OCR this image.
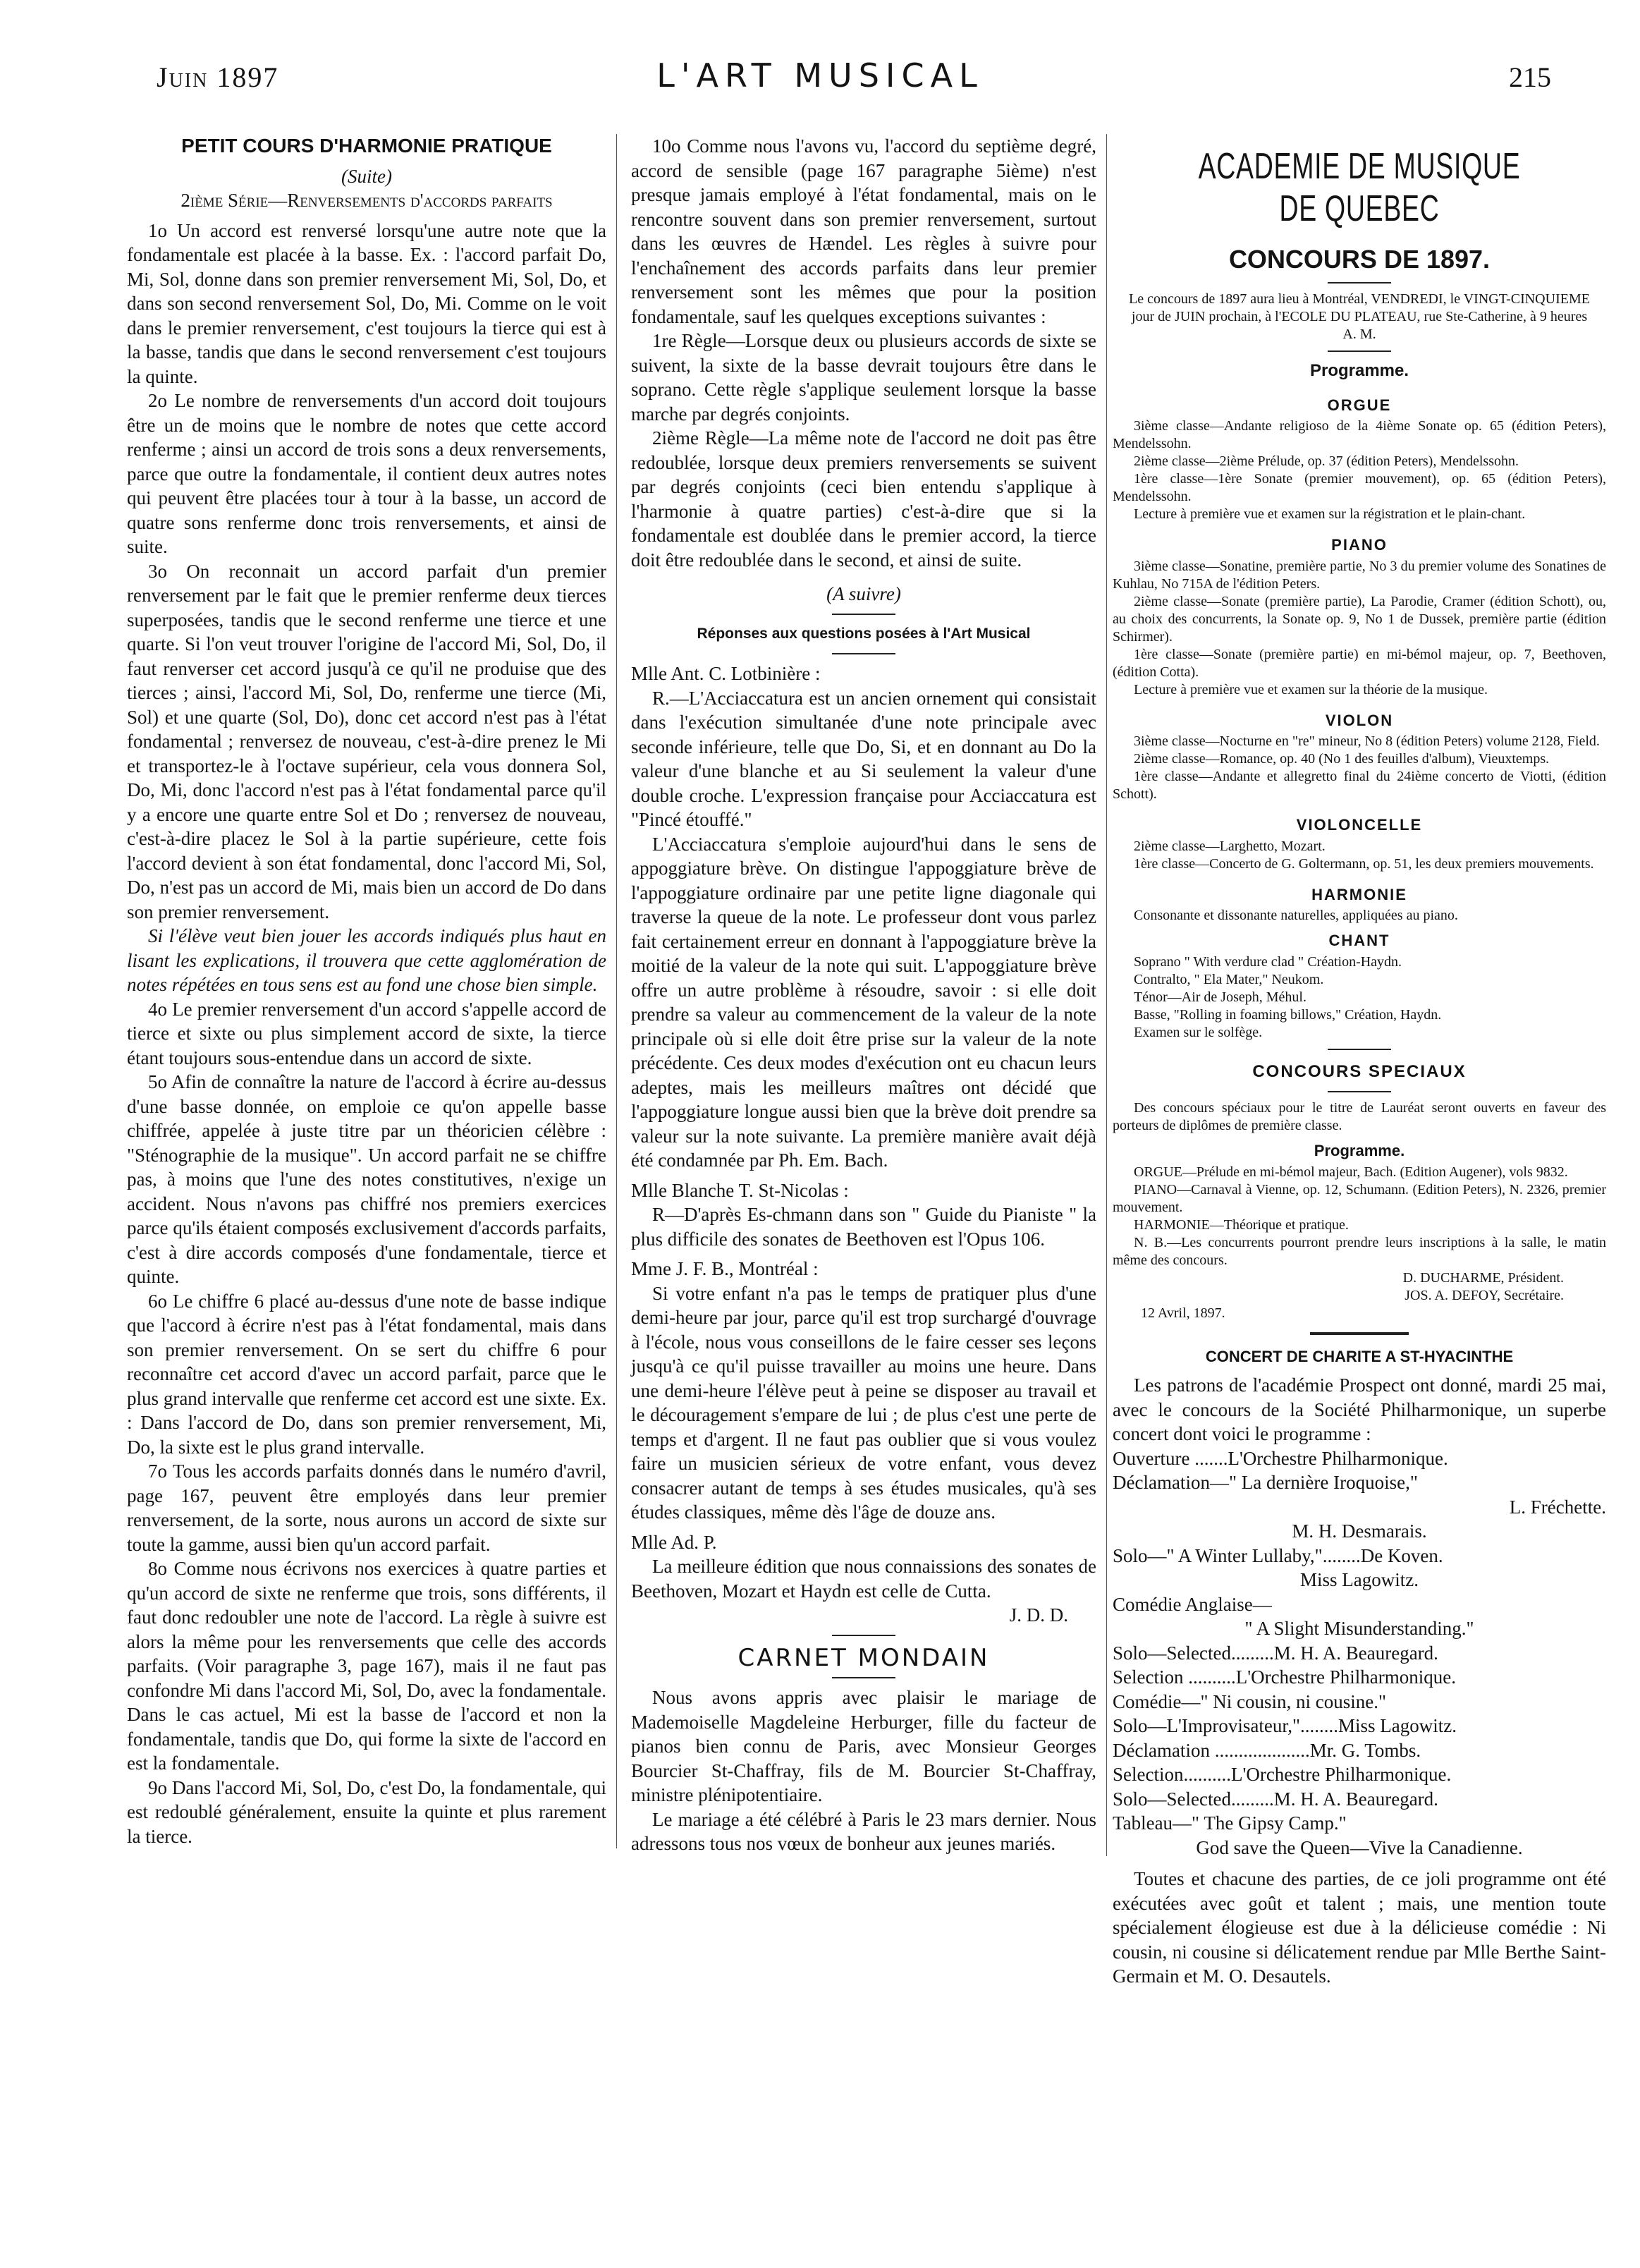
Juin 1897	L'ART MUSICAL	215

PETIT COURS D'HARMONIE PRATIQUE

(Suite)

2ième Série—Renversements d'accords parfaits

1o Un accord est renversé lorsqu'une autre note que la fondamentale est placée à la basse. Ex. : l'accord parfait Do, Mi, Sol, donne dans son premier renversement Mi, Sol, Do, et dans son second renversement Sol, Do, Mi. Comme on le voit dans le premier renversement, c'est toujours la tierce qui est à la basse, tandis que dans le second renversement c'est toujours la quinte.

2o Le nombre de renversements d'un accord doit toujours être un de moins que le nombre de notes que cette accord renferme ; ainsi un accord de trois sons a deux renversements, parce que outre la fondamentale, il contient deux autres notes qui peuvent être placées tour à tour à la basse, un accord de quatre sons renferme donc trois renversements, et ainsi de suite.

3o On reconnait un accord parfait d'un premier renversement par le fait que le premier renferme deux tierces superposées, tandis que le second renferme une tierce et une quarte. Si l'on veut trouver l'origine de l'accord Mi, Sol, Do, il faut renverser cet accord jusqu'à ce qu'il ne produise que des tierces ; ainsi, l'accord Mi, Sol, Do, renferme une tierce (Mi, Sol) et une quarte (Sol, Do), donc cet accord n'est pas à l'état fondamental ; renversez de nouveau, c'est-à-dire prenez le Mi et transportez-le à l'octave supérieur, cela vous donnera Sol, Do, Mi, donc l'accord n'est pas à l'état fondamental parce qu'il y a encore une quarte entre Sol et Do ; renversez de nouveau, c'est-à-dire placez le Sol à la partie supérieure, cette fois l'accord devient à son état fondamental, donc l'accord Mi, Sol, Do, n'est pas un accord de Mi, mais bien un accord de Do dans son premier renversement.

Si l'élève veut bien jouer les accords indiqués plus haut en lisant les explications, il trouvera que cette agglomération de notes répétées en tous sens est au fond une chose bien simple.

4o Le premier renversement d'un accord s'appelle accord de tierce et sixte ou plus simplement accord de sixte, la tierce étant toujours sous-entendue dans un accord de sixte.

5o Afin de connaître la nature de l'accord à écrire au-dessus d'une basse donnée, on emploie ce qu'on appelle basse chiffrée, appelée à juste titre par un théoricien célèbre : "Sténographie de la musique". Un accord parfait ne se chiffre pas, à moins que l'une des notes constitutives, n'exige un accident. Nous n'avons pas chiffré nos premiers exercices parce qu'ils étaient composés exclusivement d'accords parfaits, c'est à dire accords composés d'une fondamentale, tierce et quinte.

6o Le chiffre 6 placé au-dessus d'une note de basse indique que l'accord à écrire n'est pas à l'état fondamental, mais dans son premier renversement. On se sert du chiffre 6 pour reconnaître cet accord d'avec un accord parfait, parce que le plus grand intervalle que renferme cet accord est une sixte. Ex. : Dans l'accord de Do, dans son premier renversement, Mi, Do, la sixte est le plus grand intervalle.

7o Tous les accords parfaits donnés dans le numéro d'avril, page 167, peuvent être employés dans leur premier renversement, de la sorte, nous aurons un accord de sixte sur toute la gamme, aussi bien qu'un accord parfait.

8o Comme nous écrivons nos exercices à quatre parties et qu'un accord de sixte ne renferme que trois, sons différents, il faut donc redoubler une note de l'accord. La règle à suivre est alors la même pour les renversements que celle des accords parfaits. (Voir paragraphe 3, page 167), mais il ne faut pas confondre Mi dans l'accord Mi, Sol, Do, avec la fondamentale. Dans le cas actuel, Mi est la basse de l'accord et non la fondamentale, tandis que Do, qui forme la sixte de l'accord en est la fondamentale.

9o Dans l'accord Mi, Sol, Do, c'est Do, la fondamentale, qui est redoublé généralement, ensuite la quinte et plus rarement la tierce.

10o Comme nous l'avons vu, l'accord du septième degré, accord de sensible (page 167 paragraphe 5ième) n'est presque jamais employé à l'état fondamental, mais on le rencontre souvent dans son premier renversement, surtout dans les œuvres de Hændel. Les règles à suivre pour l'enchaînement des accords parfaits dans leur premier renversement sont les mêmes que pour la position fondamentale, sauf les quelques exceptions suivantes :

1re Règle—Lorsque deux ou plusieurs accords de sixte se suivent, la sixte de la basse devrait toujours être dans le soprano. Cette règle s'applique seulement lorsque la basse marche par degrés conjoints.

2ième Règle—La même note de l'accord ne doit pas être redoublée, lorsque deux premiers renversements se suivent par degrés conjoints (ceci bien entendu s'applique à l'harmonie à quatre parties) c'est-à-dire que si la fondamentale est doublée dans le premier accord, la tierce doit être redoublée dans le second, et ainsi de suite.

(A suivre)

Réponses aux questions posées à l'Art Musical

Mlle Ant. C. Lotbinière :

R.—L'Acciaccatura est un ancien ornement qui consistait dans l'exécution simultanée d'une note principale avec seconde inférieure, telle que Do, Si, et en donnant au Do la valeur d'une blanche et au Si seulement la valeur d'une double croche. L'expression française pour Acciaccatura est "Pincé étouffé."

L'Acciaccatura s'emploie aujourd'hui dans le sens de appoggiature brève. On distingue l'appoggiature brève de l'appoggiature ordinaire par une petite ligne diagonale qui traverse la queue de la note. Le professeur dont vous parlez fait certainement erreur en donnant à l'appoggiature brève la moitié de la valeur de la note qui suit. L'appoggiature brève offre un autre problème à résoudre, savoir : si elle doit prendre sa valeur au commencement de la valeur de la note principale où si elle doit être prise sur la valeur de la note précédente. Ces deux modes d'exécution ont eu chacun leurs adeptes, mais les meilleurs maîtres ont décidé que l'appoggiature longue aussi bien que la brève doit prendre sa valeur sur la note suivante. La première manière avait déjà été condamnée par Ph. Em. Bach.

Mlle Blanche T. St-Nicolas :

R—D'après Es-chmann dans son " Guide du Pianiste " la plus difficile des sonates de Beethoven est l'Opus 106.

Mme J. F. B., Montréal :

Si votre enfant n'a pas le temps de pratiquer plus d'une demi-heure par jour, parce qu'il est trop surchargé d'ouvrage à l'école, nous vous conseillons de le faire cesser ses leçons jusqu'à ce qu'il puisse travailler au moins une heure. Dans une demi-heure l'élève peut à peine se disposer au travail et le découragement s'empare de lui ; de plus c'est une perte de temps et d'argent. Il ne faut pas oublier que si vous voulez faire un musicien sérieux de votre enfant, vous devez consacrer autant de temps à ses études musicales, qu'à ses études classiques, même dès l'âge de douze ans.

Mlle Ad. P.

La meilleure édition que nous connaissions des sonates de Beethoven, Mozart et Haydn est celle de Cutta.

J. D. D.

CARNET MONDAIN

Nous avons appris avec plaisir le mariage de Mademoiselle Magdeleine Herburger, fille du facteur de pianos bien connu de Paris, avec Monsieur Georges Bourcier St-Chaffray, fils de M. Bourcier St-Chaffray, ministre plénipotentiaire.

Le mariage a été célébré à Paris le 23 mars dernier. Nous adressons tous nos vœux de bonheur aux jeunes mariés.

ACADEMIE DE MUSIQUE DE QUEBEC

CONCOURS DE 1897.

Le concours de 1897 aura lieu à Montréal, VENDREDI, le VINGT-CINQUIEME jour de JUIN prochain, à l'ECOLE DU PLATEAU, rue Ste-Catherine, à 9 heures A. M.

Programme.

ORGUE

3ième classe—Andante religioso de la 4ième Sonate op. 65 (édition Peters), Mendelssohn.

2ième classe—2ième Prélude, op. 37 (édition Peters), Mendelssohn.

1ère classe—1ère Sonate (premier mouvement), op. 65 (édition Peters), Mendelssohn.

Lecture à première vue et examen sur la régistration et le plain-chant.

PIANO

3ième classe—Sonatine, première partie, No 3 du premier volume des Sonatines de Kuhlau, No 715A de l'édition Peters.

2ième classe—Sonate (première partie), La Parodie, Cramer (édition Schott), ou, au choix des concurrents, la Sonate op. 9, No 1 de Dussek, première partie (édition Schirmer).

1ère classe—Sonate (première partie) en mi-bémol majeur, op. 7, Beethoven, (édition Cotta).

Lecture à première vue et examen sur la théorie de la musique.

VIOLON

3ième classe—Nocturne en "re" mineur, No 8 (édition Peters) volume 2128, Field.

2ième classe—Romance, op. 40 (No 1 des feuilles d'album), Vieuxtemps.

1ère classe—Andante et allegretto final du 24ième concerto de Viotti, (édition Schott).

VIOLONCELLE

2ième classe—Larghetto, Mozart.

1ère classe—Concerto de G. Goltermann, op. 51, les deux premiers mouvements.

HARMONIE

Consonante et dissonante naturelles, appliquées au piano.

CHANT

Soprano " With verdure clad " Création-Haydn.

Contralto, " Ela Mater," Neukom.

Ténor—Air de Joseph, Méhul.

Basse, "Rolling in foaming billows," Création, Haydn.

Examen sur le solfège.

CONCOURS SPECIAUX

Des concours spéciaux pour le titre de Lauréat seront ouverts en faveur des porteurs de diplômes de première classe.

Programme.

ORGUE—Prélude en mi-bémol majeur, Bach. (Edition Augener), vols 9832.

PIANO—Carnaval à Vienne, op. 12, Schumann. (Edition Peters), N. 2326, premier mouvement.

HARMONIE—Théorique et pratique.

N. B.—Les concurrents pourront prendre leurs inscriptions à la salle, le matin même des concours.

D. DUCHARME, Président.

JOS. A. DEFOY, Secrétaire.

12 Avril, 1897.

CONCERT DE CHARITE A ST-HYACINTHE

Les patrons de l'académie Prospect ont donné, mardi 25 mai, avec le concours de la Société Philharmonique, un superbe concert dont voici le programme :

Ouverture .......L'Orchestre Philharmonique.

Déclamation—" La dernière Iroquoise,"

L. Fréchette.

M. H. Desmarais.

Solo—" A Winter Lullaby,"........De Koven.

Miss Lagowitz.

Comédie Anglaise—

" A Slight Misunderstanding."

Solo—Selected.........M. H. A. Beauregard.

Selection ..........L'Orchestre Philharmonique.

Comédie—" Ni cousin, ni cousine."

Solo—L'Improvisateur,"........Miss Lagowitz.

Déclamation ....................Mr. G. Tombs.

Selection..........L'Orchestre Philharmonique.

Solo—Selected.........M. H. A. Beauregard.

Tableau—" The Gipsy Camp."

God save the Queen—Vive la Canadienne.

Toutes et chacune des parties, de ce joli programme ont été exécutées avec goût et talent ; mais, une mention toute spécialement élogieuse est due à la délicieuse comédie : Ni cousin, ni cousine si délicatement rendue par Mlle Berthe Saint-Germain et M. O. Desautels.
